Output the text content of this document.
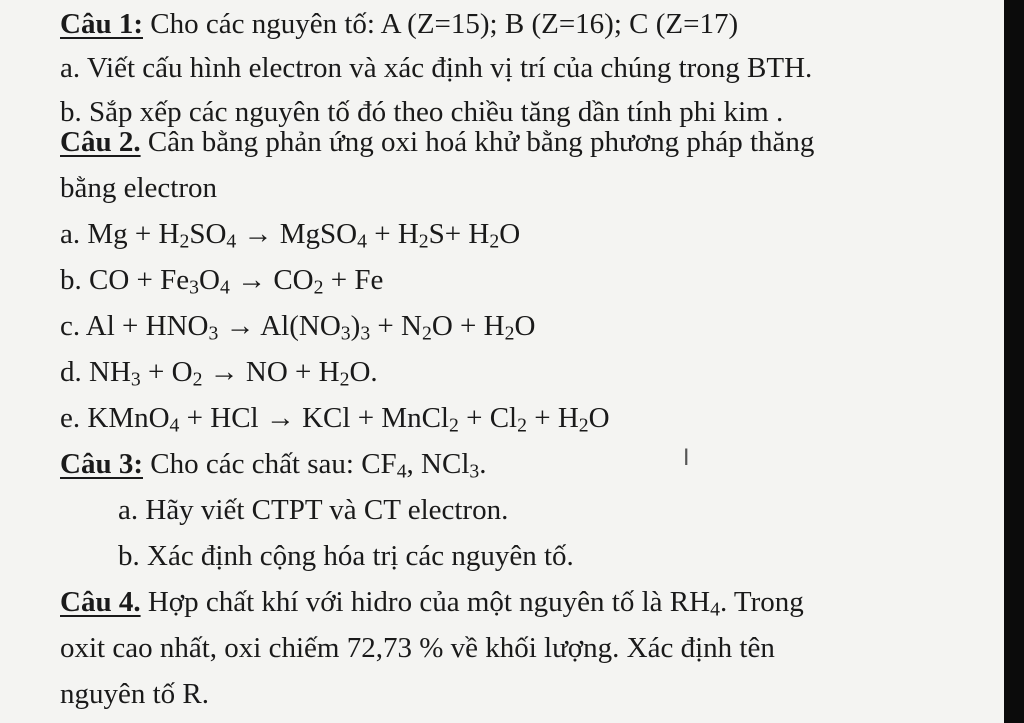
Câu 1: Cho các nguyên tố: A (Z=15); B (Z=16); C (Z=17)
a. Viết cấu hình electron và xác định vị trí của chúng trong BTH.
b. Sắp xếp các nguyên tố đó theo chiều tăng dần tính phi kim .
Câu 2. Cân bằng phản ứng oxi hoá khử bằng phương pháp thăng
bằng electron
a. $Mg + H_2SO_4$ → MgSO$_4$ + $H_2S+ H_2O$
b. CO + $Fe_3O_4 \to CO_2 + Fe$
c. $Al + HNO_3 \to Al(NO_3)_3 + N_2O + H_2O$
d. $NH_3 + O_2$ → NO + $H_2O$.
e. KMnO$_4$ + HCl → KCl + MnCl$_2$ + $Cl_2 + H_2O$
Câu 3: Cho các chất sau: $CF_4$, NCl$_3$.	I
a. Hãy viết CTPT và CT electron.
b. Xác định cộng hóa trị các nguyên tố.
Câu 4. Hợp chất khí với hidro của một nguyên tố là $RH_4$. Trong
oxit cao nhất, oxi chiếm 72,73 % về khối lượng. Xác định tên
nguyên tố R.
